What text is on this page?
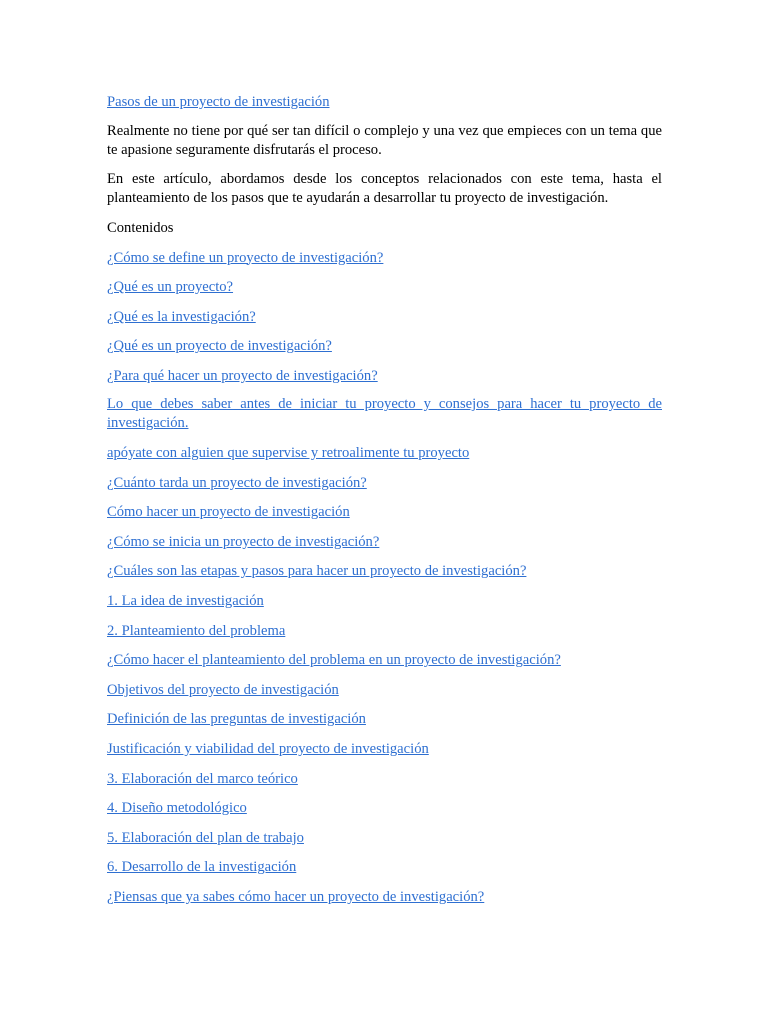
Pasos de un proyecto de investigación

Realmente no tiene por qué ser tan difícil o complejo y una vez que empieces con un tema que te apasione seguramente disfrutarás el proceso.

En este artículo, abordamos desde los conceptos relacionados con este tema, hasta el planteamiento de los pasos que te ayudarán a desarrollar tu proyecto de investigación.

Contenidos
¿Cómo se define un proyecto de investigación?
¿Qué es un proyecto?
¿Qué es la investigación?
¿Qué es un proyecto de investigación?
¿Para qué hacer un proyecto de investigación?
Lo que debes saber antes de iniciar tu proyecto y consejos para hacer tu proyecto de investigación.
apóyate con alguien que supervise y retroalimente tu proyecto
¿Cuánto tarda un proyecto de investigación?
Cómo hacer un proyecto de investigación
¿Cómo se inicia un proyecto de investigación?
¿Cuáles son las etapas y pasos para hacer un proyecto de investigación?
1. La idea de investigación
2. Planteamiento del problema
¿Cómo hacer el planteamiento del problema en un proyecto de investigación?
Objetivos del proyecto de investigación
Definición de las preguntas de investigación
Justificación y viabilidad del proyecto de investigación
3. Elaboración del marco teórico
4. Diseño metodológico
5. Elaboración del plan de trabajo
6. Desarrollo de la investigación
¿Piensas que ya sabes cómo hacer un proyecto de investigación?
